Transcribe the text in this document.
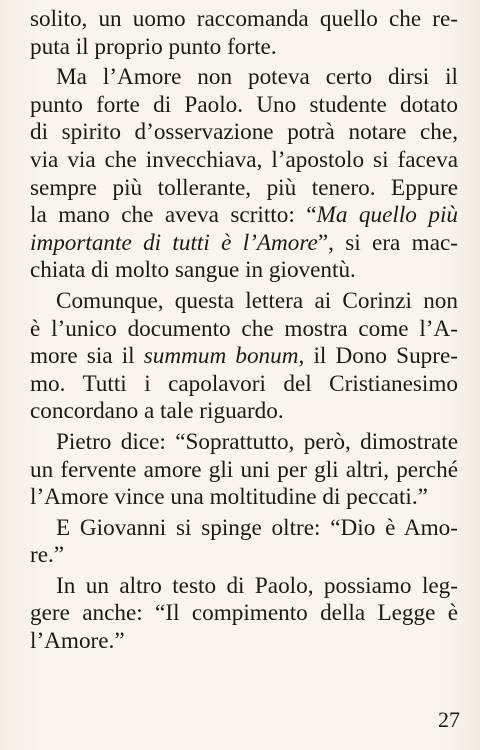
solito, un uomo raccomanda quello che re-
puta il proprio punto forte.
Ma l’Amore non poteva certo dirsi il
punto forte di Paolo. Uno studente dotato
di spirito d’osservazione potrà notare che,
via via che invecchiava, l’apostolo si faceva
sempre più tollerante, più tenero. Eppure
la mano che aveva scritto: “Ma quello più
importante di tutti è l’Amore”, si era mac-
chiata di molto sangue in gioventù.
Comunque, questa lettera ai Corinzi non
è l’unico documento che mostra come l’A-
more sia il summum bonum, il Dono Supre-
mo. Tutti i capolavori del Cristianesimo
concordano a tale riguardo.
Pietro dice: “Soprattutto, però, dimostrate
un fervente amore gli uni per gli altri, perché
l’Amore vince una moltitudine di peccati.”
E Giovanni si spinge oltre: “Dio è Amo-
re.”
In un altro testo di Paolo, possiamo leg-
gere anche: “Il compimento della Legge è
l’Amore.”
27
